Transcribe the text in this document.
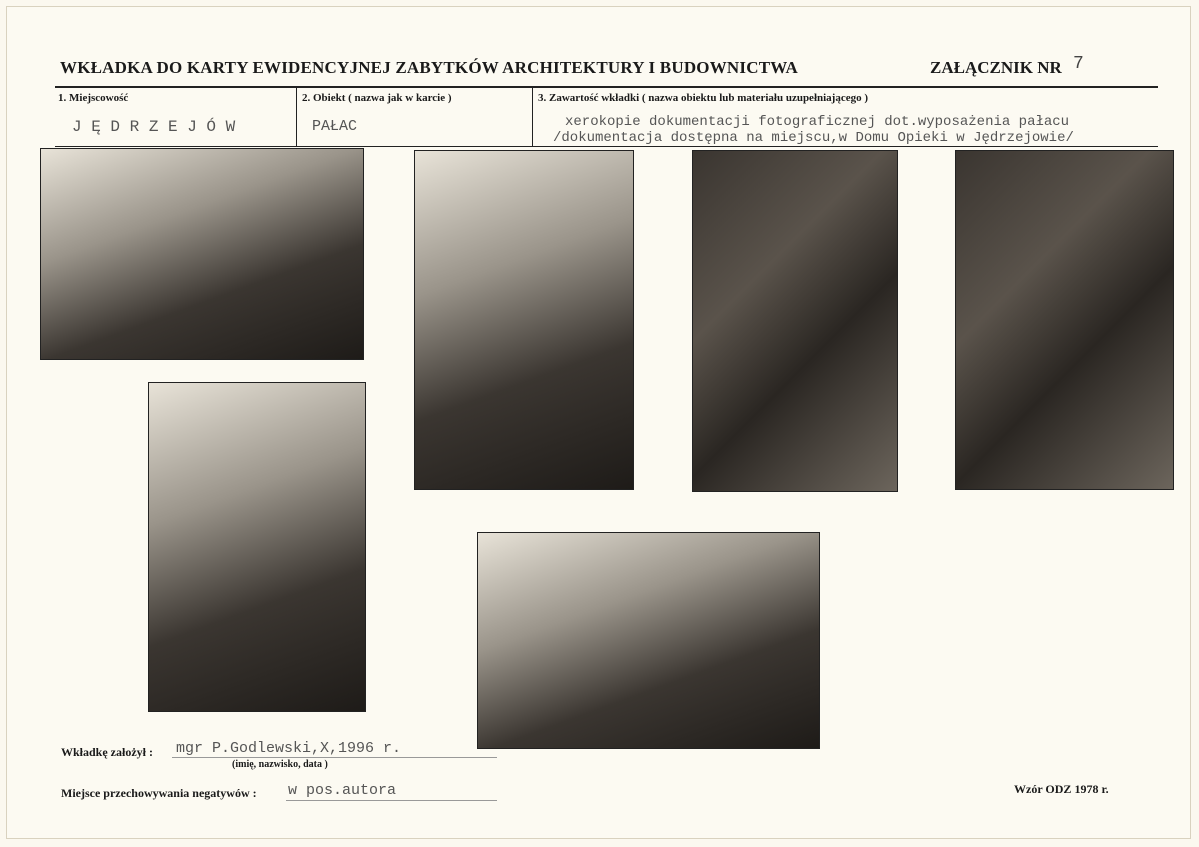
WKŁADKA DO KARTY EWIDENCYJNEJ ZABYTKÓW ARCHITEKTURY I BUDOWNICTWA	ZAŁĄCZNIK NR 7
1. Miejscowość	2. Obiekt ( nazwa jak w karcie )	3. Zawartość wkładki ( nazwa obiektu lub materiału uzupełniającego )
J Ę D R Z E J Ó W	PAŁAC	xerokopie dokumentacji fotograficznej dot.wyposażenia pałacu
/dokumentacja dostępna na miejscu,w Domu Opieki w Jędrzejowie/
Wkładkę założył : mgr P.Godlewski,X,1996 r.
(imię, nazwisko, data )
Miejsce przechowywania negatywów : w pos.autora	Wzór ODZ 1978 r.
